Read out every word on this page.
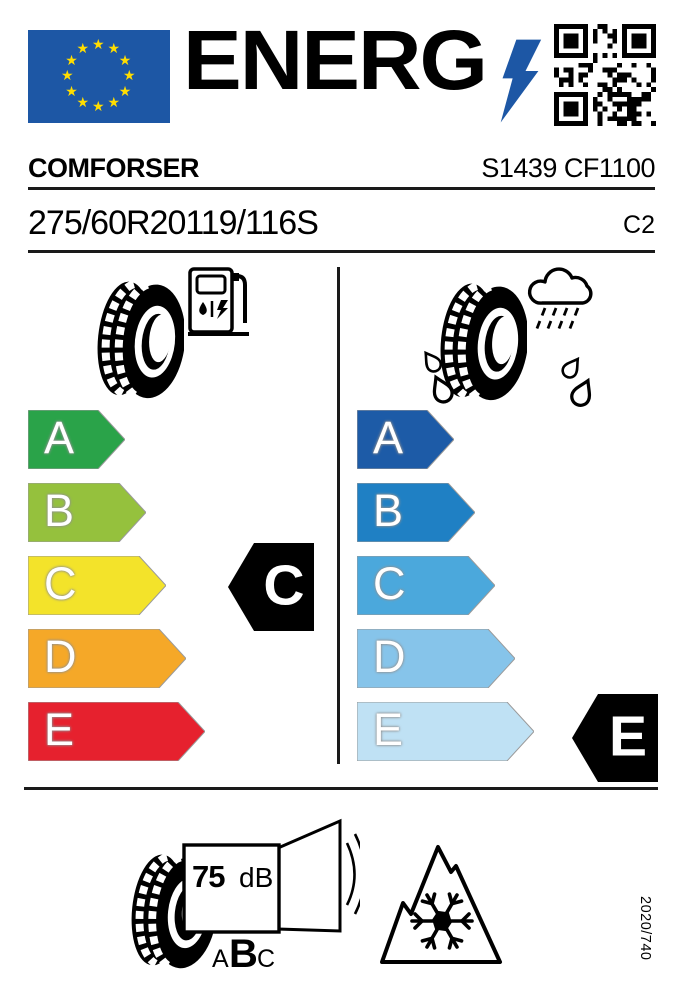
★ ★
★
★
★
★
★
★
★
★
★
★ ENERG
COMFORSER	S1439 CF1100
275/60R20119/116S	C2
A
B
C
D
E
A
B
C
D
E
C
E
75 dB
A B C	2020/740
